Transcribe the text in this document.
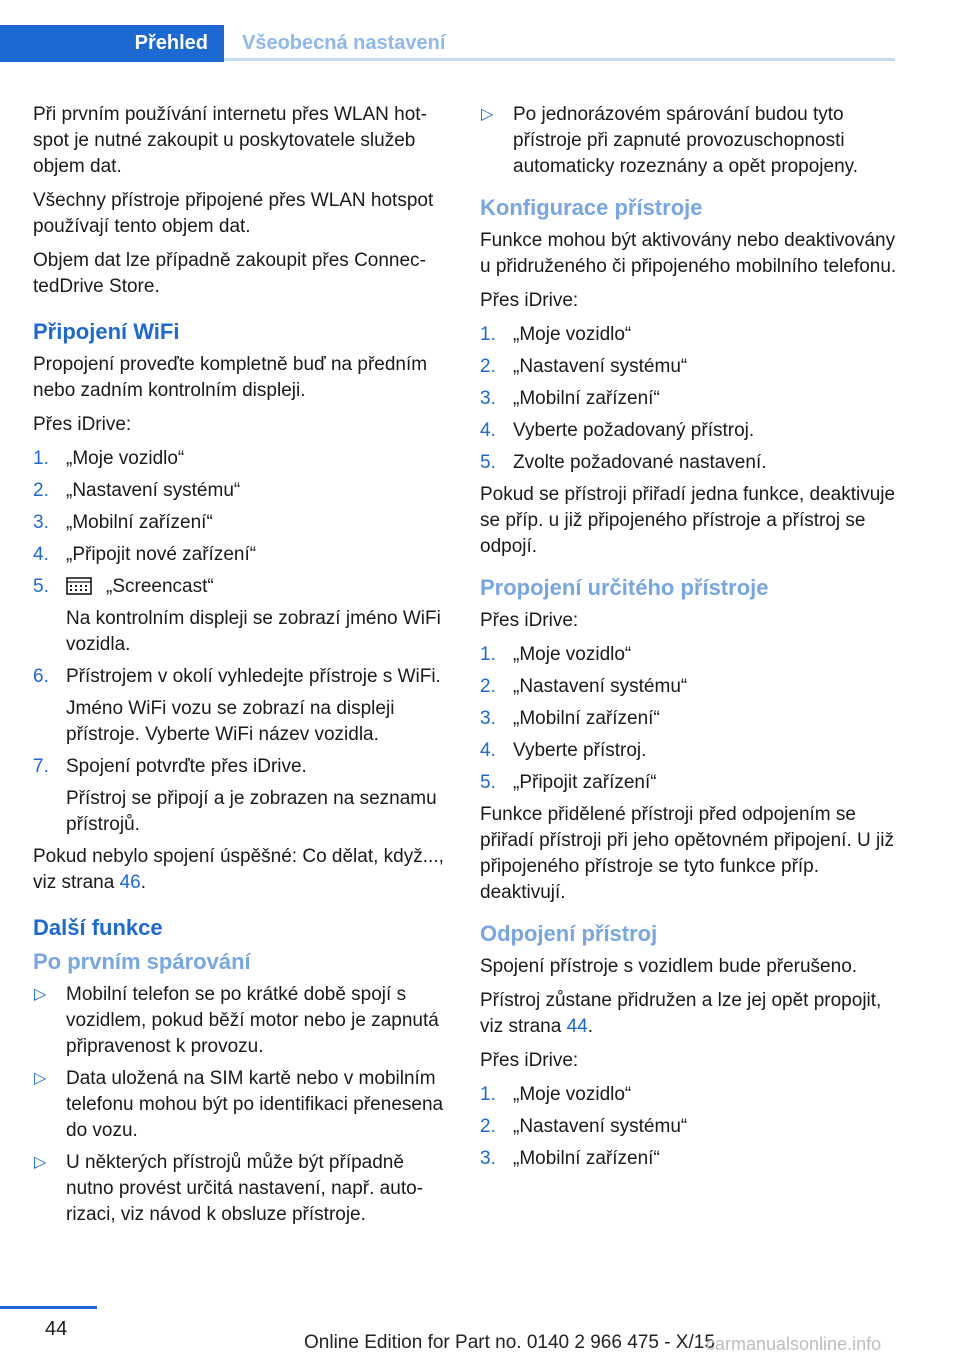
Přehled	Všeobecná nastavení

Při prvním používání internetu přes WLAN hotspot je nutné zakoupit u poskytovatele služeb objem dat.

Všechny přístroje připojené přes WLAN hotspot používají tento objem dat.

Objem dat lze případně zakoupit přes ConnectedDrive Store.

Připojení WiFi

Propojení proveďte kompletně buď na předním nebo zadním kontrolním displeji.

Přes iDrive:

1. „Moje vozidlo“
2. „Nastavení systému“
3. „Mobilní zařízení“
4. „Připojit nové zařízení“
5.	„Screencast“
Na kontrolním displeji se zobrazí jméno WiFi vozidla.
6. Přístrojem v okolí vyhledejte přístroje s WiFi.
Jméno WiFi vozu se zobrazí na displeji přístroje. Vyberte WiFi název vozidla.
7. Spojení potvrďte přes iDrive.
Přístroj se připojí a je zobrazen na seznamu přístrojů.

Pokud nebylo spojení úspěšné: Co dělat, když..., viz strana 46.

Další funkce
Po prvním spárování
▷ Mobilní telefon se po krátké době spojí s vozidlem, pokud běží motor nebo je zapnutá připravenost k provozu.
▷ Data uložená na SIM kartě nebo v mobilním telefonu mohou být po identifikaci přenesena do vozu.
▷ U některých přístrojů může být případně nutno provést určitá nastavení, např. autorizaci, viz návod k obsluze přístroje.
▷ Po jednorázovém spárování budou tyto přístroje při zapnuté provozuschopnosti automaticky rozeznány a opět propojeny.
Konfigurace přístroje

Funkce mohou být aktivovány nebo deaktivovány u přidruženého či připojeného mobilního telefonu.

Přes iDrive:

1. „Moje vozidlo“
2. „Nastavení systému“
3. „Mobilní zařízení“
4. Vyberte požadovaný přístroj.
5. Zvolte požadované nastavení.

Pokud se přístroji přiřadí jedna funkce, deaktivuje se příp. u již připojeného přístroje a přístroj se odpojí.

Propojení určitého přístroje

Přes iDrive:

1. „Moje vozidlo“
2. „Nastavení systému“
3. „Mobilní zařízení“
4. Vyberte přístroj.
5. „Připojit zařízení“

Funkce přidělené přístroji před odpojením se přiřadí přístroji při jeho opětovném připojení. U již připojeného přístroje se tyto funkce příp. deaktivují.

Odpojení přístroj

Spojení přístroje s vozidlem bude přerušeno.

Přístroj zůstane přidružen a lze jej opět propojit, viz strana 44.

Přes iDrive:

1. „Moje vozidlo“
2. „Nastavení systému“
3. „Mobilní zařízení“
44
Online Edition for Part no. 0140 2 966 475 - X/15
carmanualsonline.info
